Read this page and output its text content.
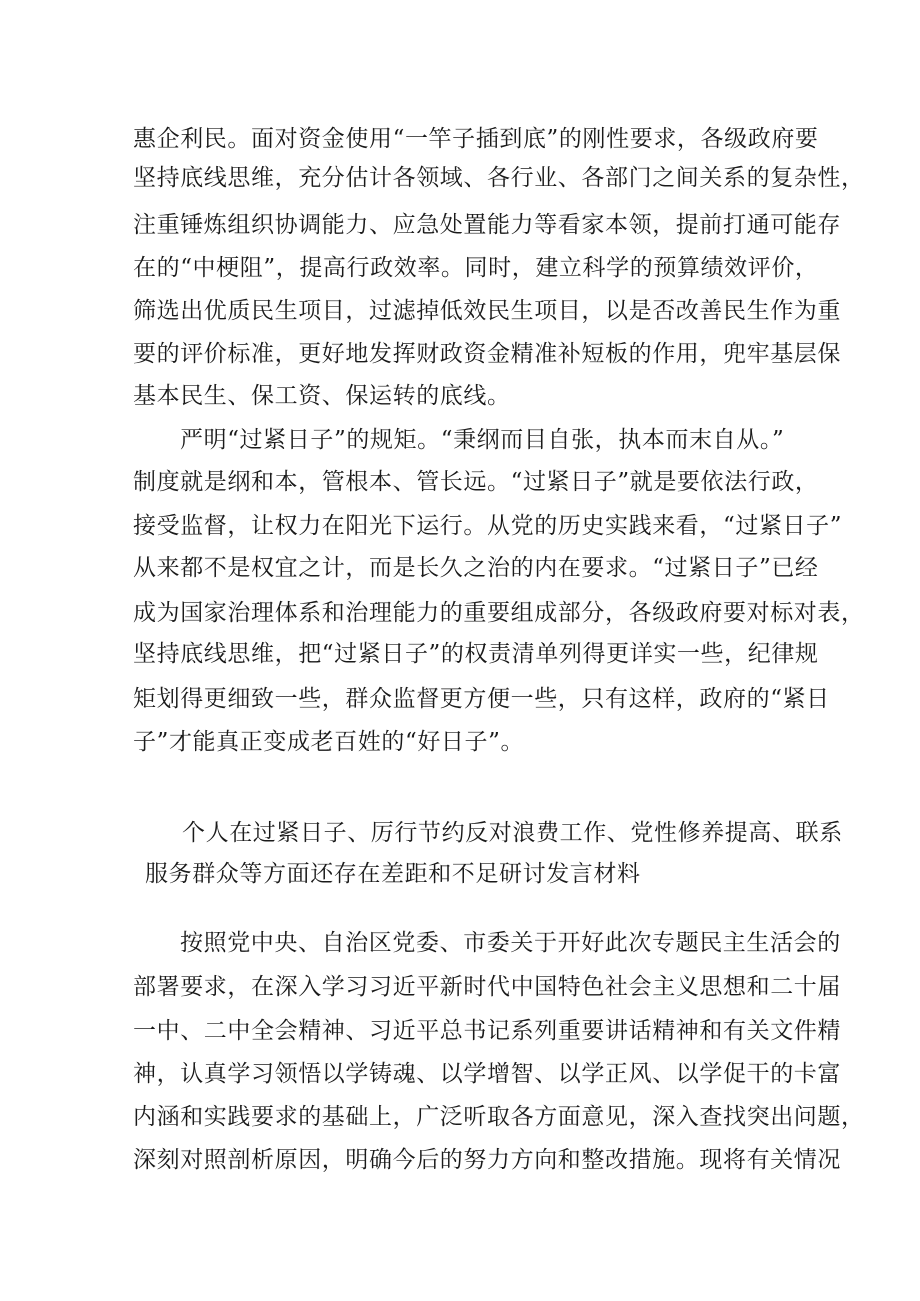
惠企利民。面对资金使用“一竿子插到底”的刚性要求，各级政府要
坚持底线思维，充分估计各领域、各行业、各部门之间关系的复杂性，
注重锤炼组织协调能力、应急处置能力等看家本领，提前打通可能存
在的“中梗阻”，提高行政效率。同时，建立科学的预算绩效评价，
筛选出优质民生项目，过滤掉低效民生项目，以是否改善民生作为重
要的评价标准，更好地发挥财政资金精准补短板的作用，兜牢基层保
基本民生、保工资、保运转的底线。
严明“过紧日子”的规矩。“秉纲而目自张，执本而末自从。”
制度就是纲和本，管根本、管长远。“过紧日子”就是要依法行政，
接受监督，让权力在阳光下运行。从党的历史实践来看，“过紧日子”
从来都不是权宜之计，而是长久之治的内在要求。“过紧日子”已经
成为国家治理体系和治理能力的重要组成部分，各级政府要对标对表，
坚持底线思维，把“过紧日子”的权责清单列得更详实一些，纪律规
矩划得更细致一些，群众监督更方便一些，只有这样，政府的“紧日
子”才能真正变成老百姓的“好日子”。
个人在过紧日子、厉行节约反对浪费工作、党性修养提高、联系
服务群众等方面还存在差距和不足研讨发言材料
按照党中央、自治区党委、市委关于开好此次专题民主生活会的
部署要求，在深入学习习近平新时代中国特色社会主义思想和二十届
一中、二中全会精神、习近平总书记系列重要讲话精神和有关文件精
神，认真学习领悟以学铸魂、以学增智、以学正风、以学促干的卡富
内涵和实践要求的基础上，广泛听取各方面意见，深入查找突出问题，
深刻对照剖析原因，明确今后的努力方向和整改措施。现将有关情况
